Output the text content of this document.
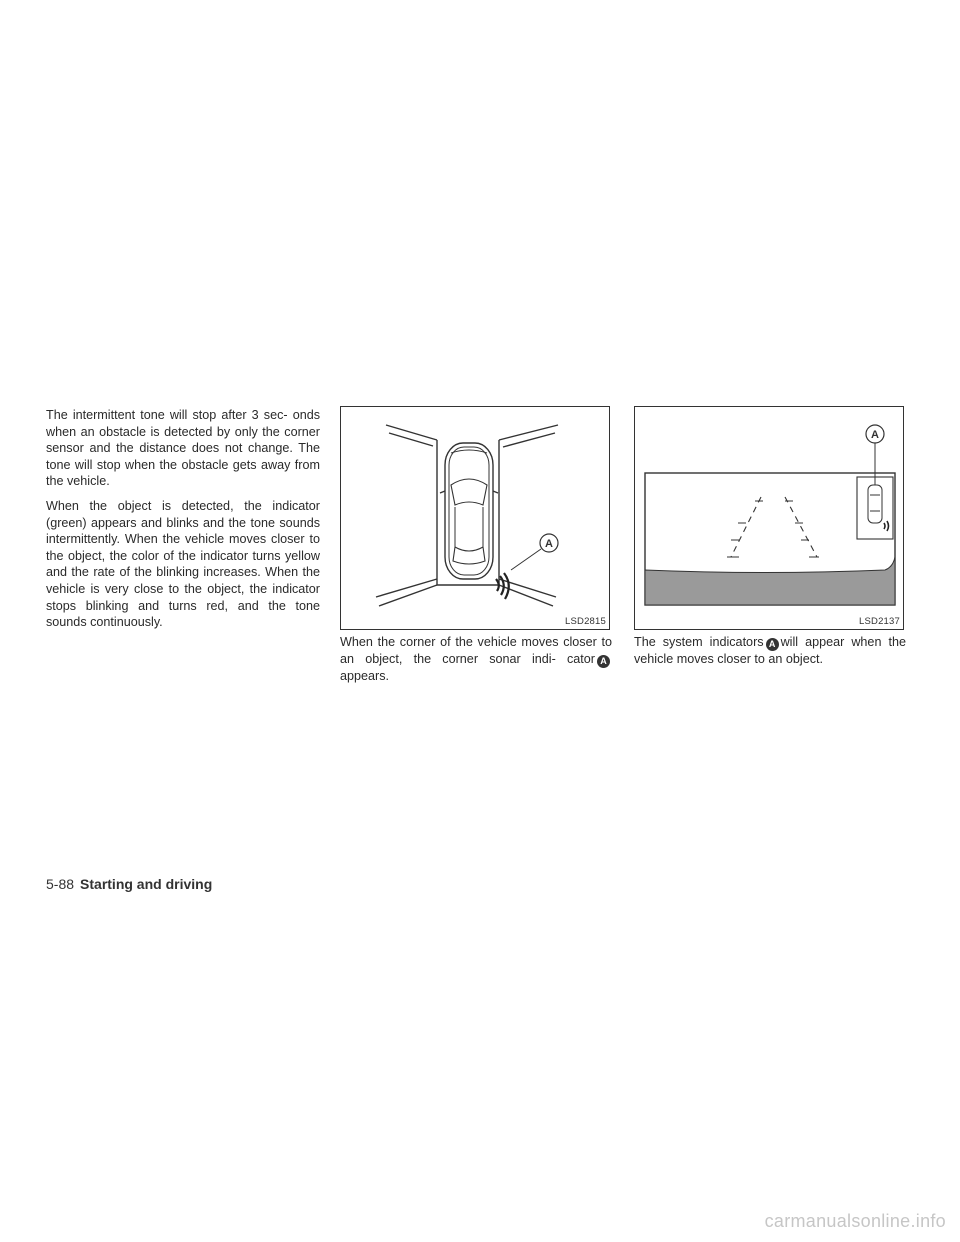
The intermittent tone will stop after 3 sec- onds when an obstacle is detected by only the corner sensor and the distance does not change. The tone will stop when the obstacle gets away from the vehicle.

When the object is detected, the indicator (green) appears and blinks and the tone sounds intermittently. When the vehicle moves closer to the object, the color of the indicator turns yellow and the rate of the blinking increases. When the vehicle is very close to the object, the indicator stops blinking and turns red, and the tone sounds continuously.

A
LSD2815
When the corner of the vehicle moves closer to an object, the corner sonar indi- cator Aappears.
A
LSD2137
The system indicators A will appear when the vehicle moves closer to an object.
5-88 Starting and driving
carmanualsonline.info
